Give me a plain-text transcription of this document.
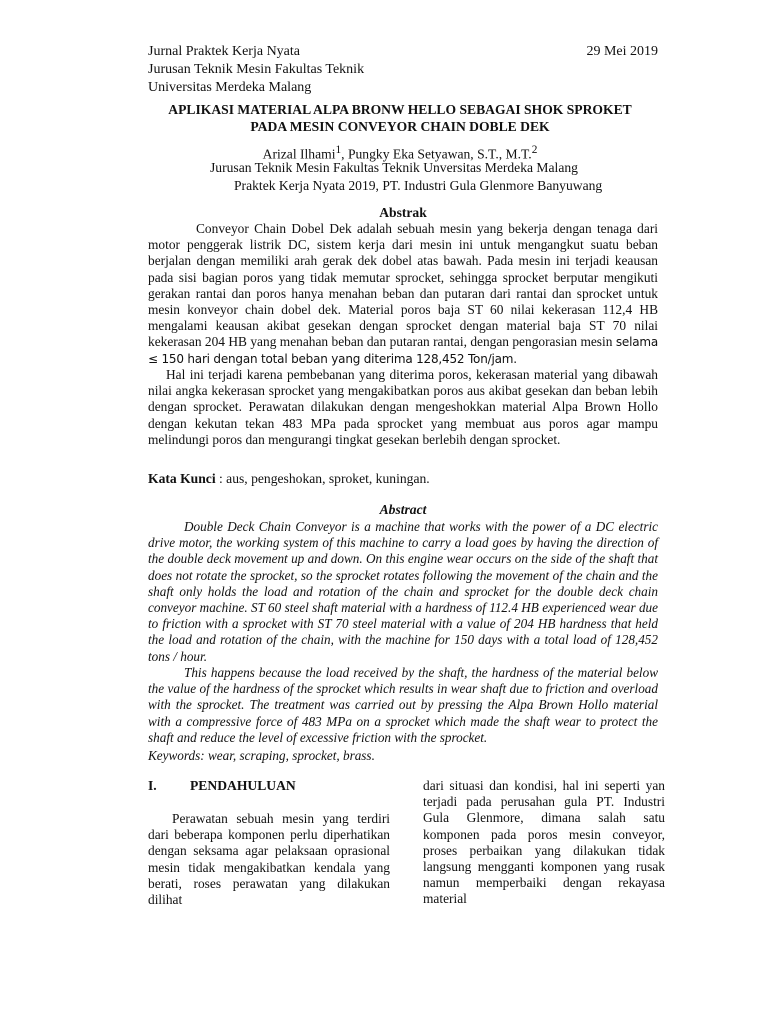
Jurnal Praktek Kerja Nyata	29 Mei 2019
Jurusan Teknik Mesin Fakultas Teknik
Universitas Merdeka Malang
APLIKASI MATERIAL ALPA BRONW HELLO SEBAGAI SHOK SPROKET
PADA MESIN CONVEYOR CHAIN DOBLE DEK
Arizal Ilhami$^1$, Pungky Eka Setyawan, S.T., M.T.$^2$
Jurusan Teknik Mesin Fakultas Teknik Unversitas Merdeka Malang
Praktek Kerja Nyata 2019, PT. Industri Gula Glenmore Banyuwang
Abstrak

Conveyor Chain Dobel Dek adalah sebuah mesin yang bekerja dengan tenaga dari motor penggerak listrik DC, sistem kerja dari mesin ini untuk mengangkut suatu beban berjalan dengan memiliki arah gerak dek dobel atas bawah. Pada mesin ini terjadi keausan pada sisi bagian poros yang tidak memutar sprocket, sehingga sprocket berputar mengikuti gerakan rantai dan poros hanya menahan beban dan putaran dari rantai dan sprocket untuk mesin konveyor chain dobel dek. Material poros baja ST 60 nilai kekerasan 112,4 HB mengalami keausan akibat gesekan dengan sprocket dengan material baja ST 70 nilai kekerasan 204 HB yang menahan beban dan putaran rantai, dengan pengorasian mesin selama ≤ 150 hari dengan total beban yang diterima 128,452 Ton/jam.

Hal ini terjadi karena pembebanan yang diterima poros, kekerasan material yang dibawah nilai angka kekerasan sprocket yang mengakibatkan poros aus akibat gesekan dan beban lebih dengan sprocket. Perawatan dilakukan dengan mengeshokkan material Alpa Brown Hollo dengan kekutan tekan 483 MPa pada sprocket yang membuat aus poros agar mampu melindungi poros dan mengurangi tingkat gesekan berlebih dengan sprocket.

Kata Kunci : aus, pengeshokan, sproket, kuningan.
Abstract

Double Deck Chain Conveyor is a machine that works with the power of a DC electric drive motor, the working system of this machine to carry a load goes by having the direction of the double deck movement up and down. On this engine wear occurs on the side of the shaft that does not rotate the sprocket, so the sprocket rotates following the movement of the chain and the shaft only holds the load and rotation of the chain and sprocket for the double deck chain conveyor machine. ST 60 steel shaft material with a hardness of 112.4 HB experienced wear due to friction with a sprocket with ST 70 steel material with a value of 204 HB hardness that held the load and rotation of the chain, with the machine for 150 days with a total load of 128,452 tons / hour.

This happens because the load received by the shaft, the hardness of the material below the value of the hardness of the sprocket which results in wear shaft due to friction and overload with the sprocket. The treatment was carried out by pressing the Alpa Brown Hollo material with a compressive force of 483 MPa on a sprocket which made the shaft wear to protect the shaft and reduce the level of excessive friction with the sprocket.

Keywords: wear, scraping, sprocket, brass.
I. PENDAHULUAN

Perawatan sebuah mesin yang terdiri dari beberapa komponen perlu diperhatikan dengan seksama agar pelaksaan oprasional mesin tidak mengakibatkan kendala yang berati, roses perawatan yang dilakukan dilihat

dari situasi dan kondisi, hal ini seperti yan terjadi pada perusahan gula PT. Industri Gula Glenmore, dimana salah satu komponen pada poros mesin conveyor, proses perbaikan yang dilakukan tidak langsung mengganti komponen yang rusak namun memperbaiki dengan rekayasa material
